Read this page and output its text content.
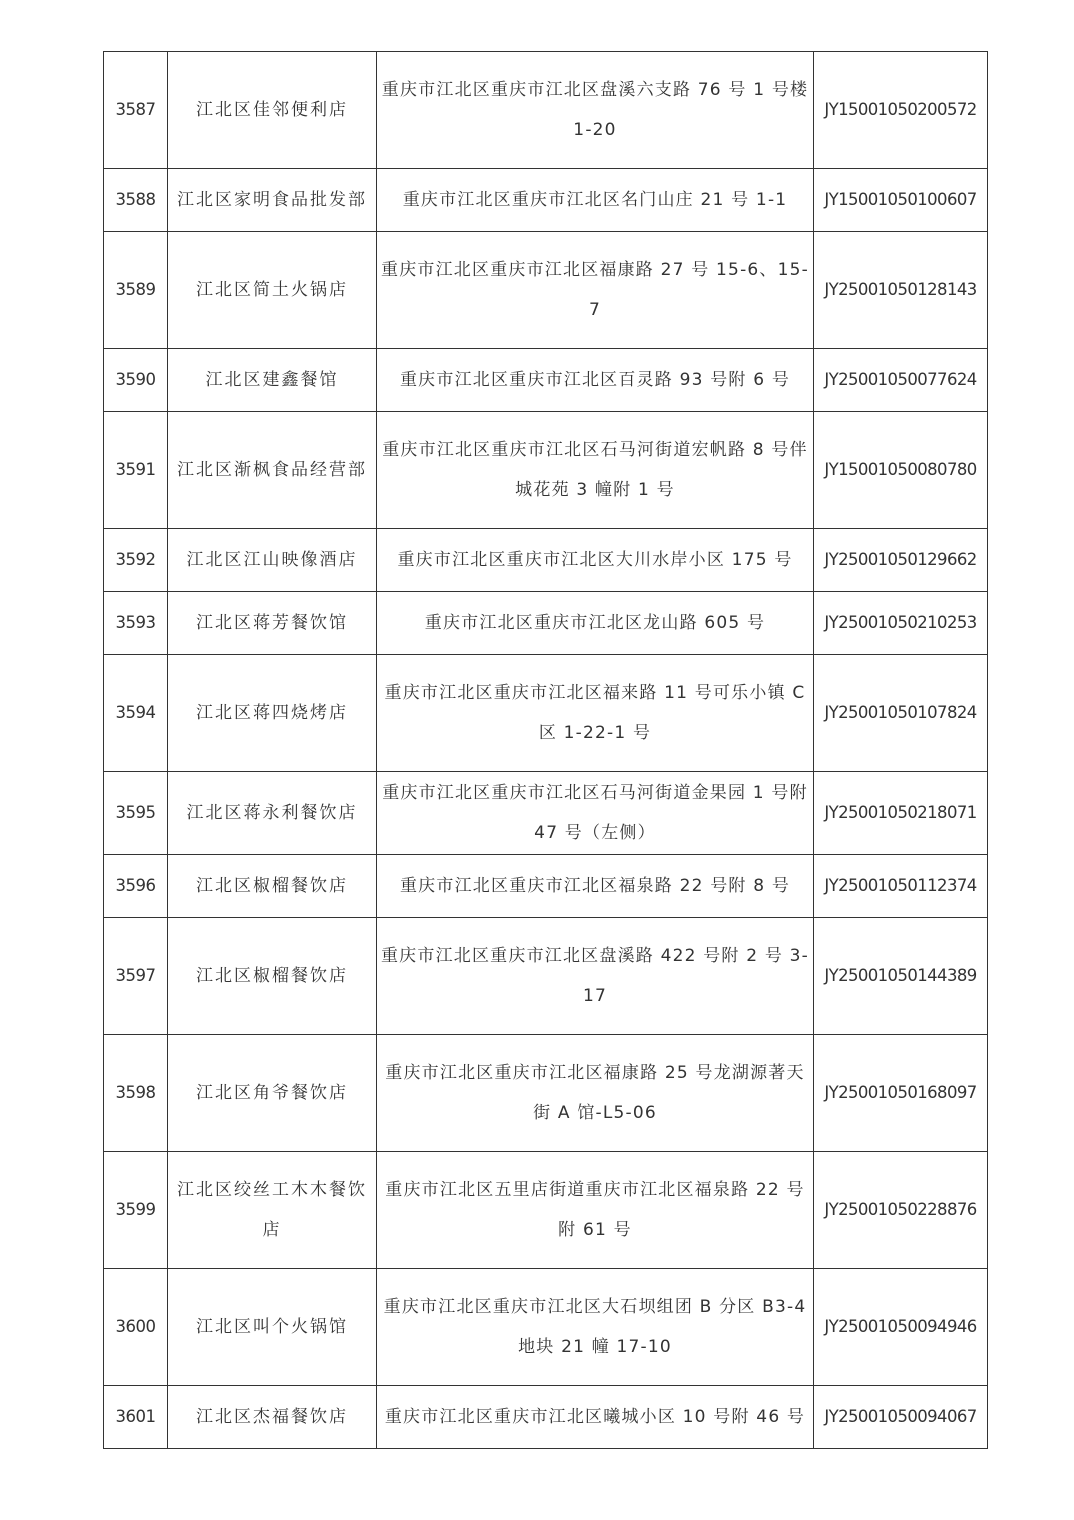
3587	江北区佳邻便利店	重庆市江北区重庆市江北区盘溪六支路 76 号 1 号楼 1-20	JY15001050200572
3588	江北区家明食品批发部	重庆市江北区重庆市江北区名门山庄 21 号 1-1	JY15001050100607
3589	江北区简土火锅店	重庆市江北区重庆市江北区福康路 27 号 15-6、15-7	JY25001050128143
3590	江北区建鑫餐馆	重庆市江北区重庆市江北区百灵路 93 号附 6 号	JY25001050077624
3591	江北区渐枫食品经营部	重庆市江北区重庆市江北区石马河街道宏帆路 8 号伴城花苑 3 幢附 1 号	JY15001050080780
3592	江北区江山映像酒店	重庆市江北区重庆市江北区大川水岸小区 175 号	JY25001050129662
3593	江北区蒋芳餐饮馆	重庆市江北区重庆市江北区龙山路 605 号	JY25001050210253
3594	江北区蒋四烧烤店	重庆市江北区重庆市江北区福来路 11 号可乐小镇 C 区 1-22-1 号	JY25001050107824
3595	江北区蒋永利餐饮店	重庆市江北区重庆市江北区石马河街道金果园 1 号附 47 号（左侧）	JY25001050218071
3596	江北区椒榴餐饮店	重庆市江北区重庆市江北区福泉路 22 号附 8 号	JY25001050112374
3597	江北区椒榴餐饮店	重庆市江北区重庆市江北区盘溪路 422 号附 2 号 3-17	JY25001050144389
3598	江北区角爷餐饮店	重庆市江北区重庆市江北区福康路 25 号龙湖源著天街 A 馆-L5-06	JY25001050168097
3599	江北区绞丝工木木餐饮店	重庆市江北区五里店街道重庆市江北区福泉路 22 号附 61 号	JY25001050228876
3600	江北区叫个火锅馆	重庆市江北区重庆市江北区大石坝组团 B 分区 B3-4 地块 21 幢 17-10	JY25001050094946
3601	江北区杰福餐饮店	重庆市江北区重庆市江北区曦城小区 10 号附 46 号	JY25001050094067
